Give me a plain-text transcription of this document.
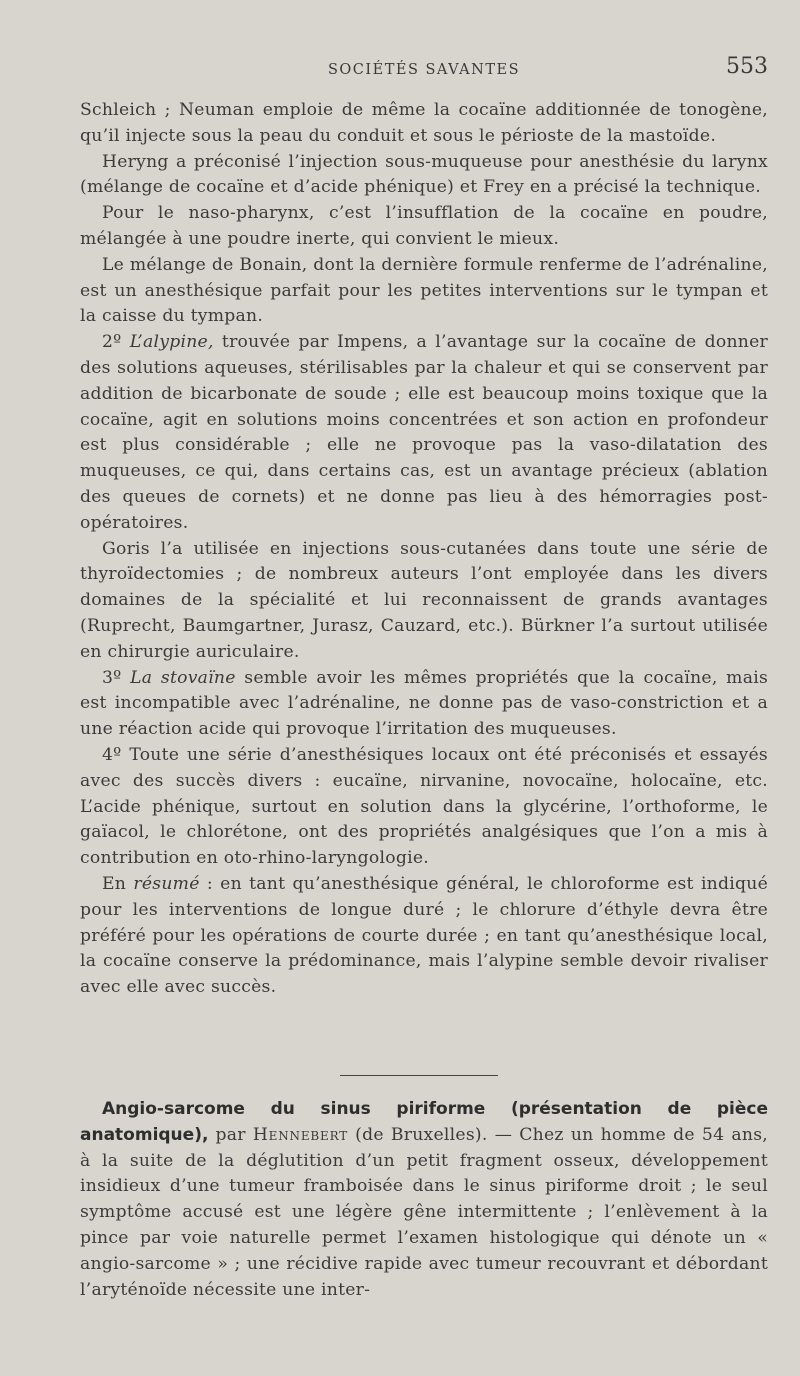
SOCIÉTÉS SAVANTES	553

Schleich ; Neuman emploie de même la cocaïne additionnée de tonogène, qu’il injecte sous la peau du conduit et sous le périoste de la mastoïde.

Heryng a préconisé l’injection sous-muqueuse pour anesthésie du larynx (mélange de cocaïne et d’acide phénique) et Frey en a précisé la technique.

Pour le naso-pharynx, c’est l’insufflation de la cocaïne en poudre, mélangée à une poudre inerte, qui convient le mieux.

Le mélange de Bonain, dont la dernière formule renferme de l’adrénaline, est un anesthésique parfait pour les petites interventions sur le tympan et la caisse du tympan.

2º L’alypine, trouvée par Impens, a l’avantage sur la cocaïne de donner des solutions aqueuses, stérilisables par la chaleur et qui se conservent par addition de bicarbonate de soude ; elle est beaucoup moins toxique que la cocaïne, agit en solutions moins concentrées et son action en profondeur est plus considérable ; elle ne provoque pas la vaso-dilatation des muqueuses, ce qui, dans certains cas, est un avantage précieux (ablation des queues de cornets) et ne donne pas lieu à des hémorragies post-opératoires.

Goris l’a utilisée en injections sous-cutanées dans toute une série de thyroïdectomies ; de nombreux auteurs l’ont employée dans les divers domaines de la spécialité et lui reconnaissent de grands avantages (Ruprecht, Baumgartner, Jurasz, Cauzard, etc.). Bürkner l’a surtout utilisée en chirurgie auriculaire.

3º La stovaïne semble avoir les mêmes propriétés que la cocaïne, mais est incompatible avec l’adrénaline, ne donne pas de vaso-constriction et a une réaction acide qui provoque l’irritation des muqueuses.

4º Toute une série d’anesthésiques locaux ont été préconisés et essayés avec des succès divers : eucaïne, nirvanine, novocaïne, holocaïne, etc. L’acide phénique, surtout en solution dans la glycérine, l’orthoforme, le gaïacol, le chlorétone, ont des propriétés analgésiques que l’on a mis à contribution en oto-rhino-laryngologie.

En résumé : en tant qu’anesthésique général, le chloroforme est indiqué pour les interventions de longue duré ; le chlorure d’éthyle devra être préféré pour les opérations de courte durée ; en tant qu’anesthésique local, la cocaïne conserve la prédominance, mais l’alypine semble devoir rivaliser avec elle avec succès.

Angio-sarcome du sinus piriforme (présentation de pièce anatomique), par Hennebert (de Bruxelles). — Chez un homme de 54 ans, à la suite de la déglutition d’un petit fragment osseux, développement insidieux d’une tumeur framboisée dans le sinus piriforme droit ; le seul symptôme accusé est une légère gêne intermittente ; l’enlèvement à la pince par voie naturelle permet l’examen histologique qui dénote un « angio-sarcome » ; une récidive rapide avec tumeur recouvrant et débordant l’aryténoïde nécessite une inter-
